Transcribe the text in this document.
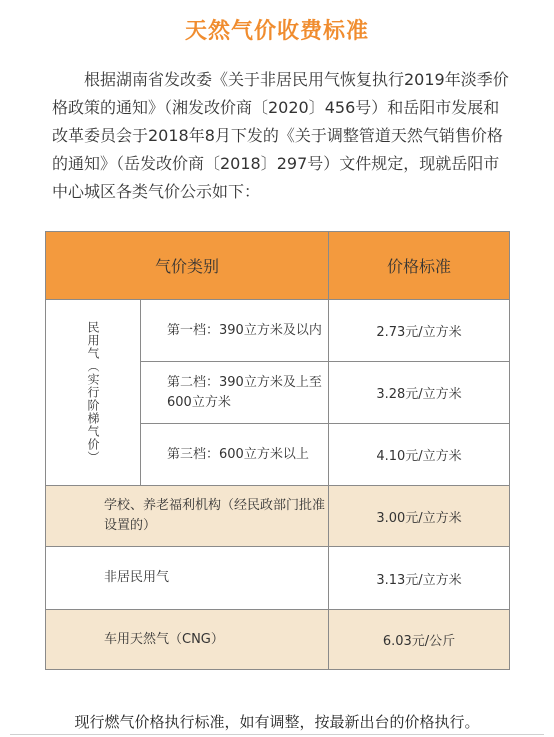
天然气价收费标准
根据湖南省发改委《关于非居民用气恢复执行2019年淡季价格政策的通知》（湘发改价商〔2020〕456号）和岳阳市发展和改革委员会于2018年8月下发的《关于调整管道天然气销售价格的通知》（岳发改价商〔2018〕297号）文件规定，现就岳阳市中心城区各类气价公示如下：
气价类别		价格标准

民用气（实行阶梯气价）	第一档：390立方米及以内	2.73元/立方米
	第二档：390立方米及上至600立方米	3.28元/立方米
	第三档：600立方米以上	4.10元/立方米
学校、养老福利机构（经民政部门批准设置的）		3.00元/立方米
非居民用气		3.13元/立方米
车用天然气（CNG）		6.03元/公斤
现行燃气价格执行标准，如有调整，按最新出台的价格执行。
